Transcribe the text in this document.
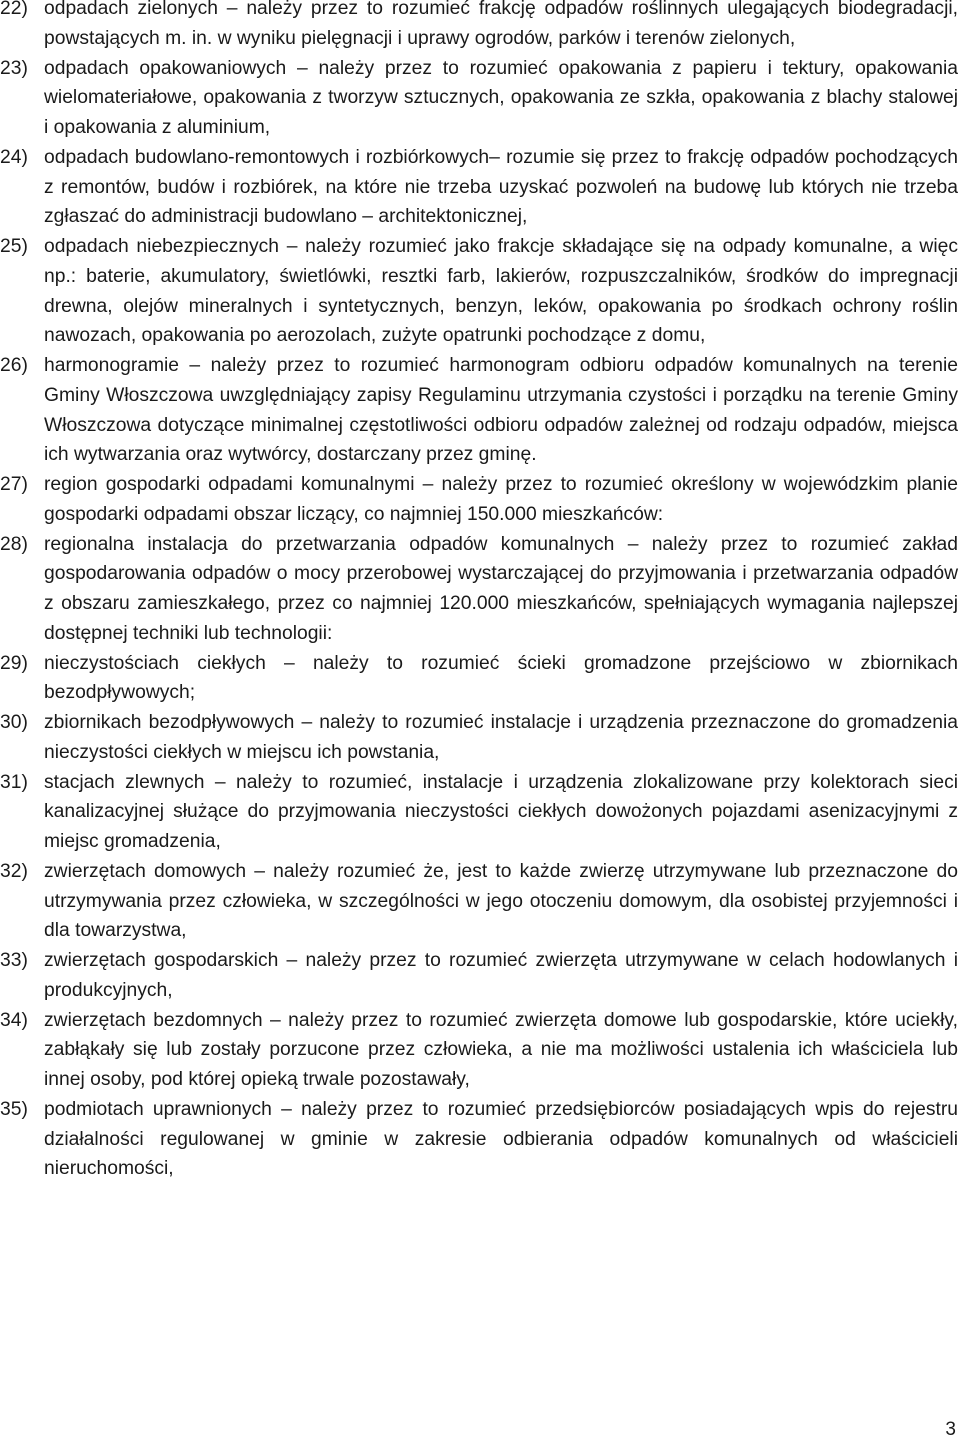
22) odpadach zielonych – należy przez to rozumieć frakcję odpadów roślinnych ulegających biodegradacji, powstających m. in. w wyniku pielęgnacji i uprawy ogrodów, parków i terenów zielonych,
23) odpadach opakowaniowych – należy przez to rozumieć opakowania z papieru i tektury, opakowania wielomateriałowe, opakowania z tworzyw sztucznych, opakowania ze szkła, opakowania z blachy stalowej i opakowania z aluminium,
24) odpadach budowlano-remontowych i rozbiórkowych– rozumie się przez to frakcję odpadów pochodzących z remontów, budów i rozbiórek, na które nie trzeba uzyskać pozwoleń na budowę lub których nie trzeba zgłaszać do administracji budowlano – architektonicznej,
25) odpadach niebezpiecznych – należy rozumieć jako frakcje składające się na odpady komunalne, a więc np.: baterie, akumulatory, świetlówki, resztki farb, lakierów, rozpuszczalników, środków do impregnacji drewna, olejów mineralnych i syntetycznych, benzyn, leków, opakowania po środkach ochrony roślin nawozach, opakowania po aerozolach, zużyte opatrunki pochodzące z domu,
26) harmonogramie – należy przez to rozumieć harmonogram odbioru odpadów komunalnych na terenie Gminy Włoszczowa uwzględniający zapisy Regulaminu utrzymania czystości i porządku na terenie Gminy Włoszczowa dotyczące minimalnej częstotliwości odbioru odpadów zależnej od rodzaju odpadów, miejsca ich wytwarzania oraz wytwórcy, dostarczany przez gminę.
27) region gospodarki odpadami komunalnymi – należy przez to rozumieć określony w wojewódzkim planie gospodarki odpadami obszar liczący, co najmniej 150.000 mieszkańców:
28) regionalna instalacja do przetwarzania odpadów komunalnych – należy przez to rozumieć zakład gospodarowania odpadów o mocy przerobowej wystarczającej do przyjmowania i przetwarzania odpadów z obszaru zamieszkałego, przez co najmniej 120.000 mieszkańców, spełniających wymagania najlepszej dostępnej techniki lub technologii:
29) nieczystościach ciekłych – należy to rozumieć ścieki gromadzone przejściowo w zbiornikach bezodpływowych;
30) zbiornikach bezodpływowych – należy to rozumieć instalacje i urządzenia przeznaczone do gromadzenia nieczystości ciekłych w miejscu ich powstania,
31) stacjach zlewnych – należy to rozumieć, instalacje i urządzenia zlokalizowane przy kolektorach sieci kanalizacyjnej służące do przyjmowania nieczystości ciekłych dowożonych pojazdami asenizacyjnymi z miejsc gromadzenia,
32) zwierzętach domowych – należy rozumieć że, jest to każde zwierzę utrzymywane lub przeznaczone do utrzymywania przez człowieka, w szczególności w jego otoczeniu domowym, dla osobistej przyjemności i dla towarzystwa,
33) zwierzętach gospodarskich – należy przez to rozumieć zwierzęta utrzymywane w celach hodowlanych i produkcyjnych,
34) zwierzętach bezdomnych – należy przez to rozumieć zwierzęta domowe lub gospodarskie, które uciekły, zabłąkały się lub zostały porzucone przez człowieka, a nie ma możliwości ustalenia ich właściciela lub innej osoby, pod której opieką trwale pozostawały,
35) podmiotach uprawnionych – należy przez to rozumieć przedsiębiorców posiadających wpis do rejestru działalności regulowanej w gminie w zakresie odbierania odpadów komunalnych od właścicieli nieruchomości,
3
